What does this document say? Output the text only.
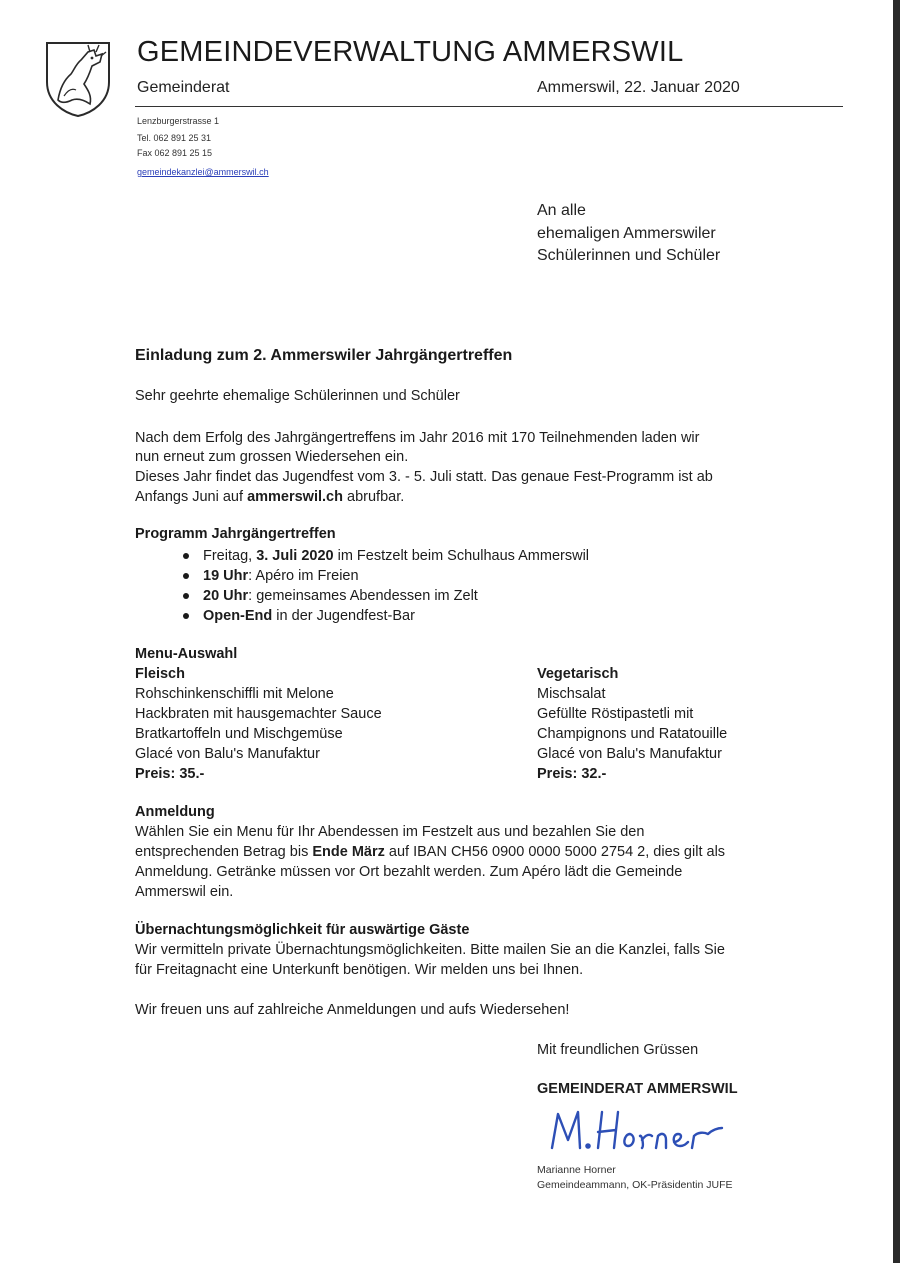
GEMEINDEVERWALTUNG AMMERSWIL
Gemeinderat	Ammerswil, 22. Januar 2020
Lenzburgerstrasse 1
Tel. 062 891 25 31
Fax 062 891 25 15
gemeindekanzlei@ammerswil.ch
An alle
ehemaligen Ammerswiler
Schülerinnen und Schüler
Einladung zum 2. Ammerswiler Jahrgängertreffen
Sehr geehrte ehemalige Schülerinnen und Schüler
Nach dem Erfolg des Jahrgängertreffens im Jahr 2016 mit 170 Teilnehmenden laden wir
nun erneut zum grossen Wiedersehen ein.
Dieses Jahr findet das Jugendfest vom 3. - 5. Juli statt. Das genaue Fest-Programm ist ab
Anfangs Juni auf ammerswil.ch abrufbar.
Programm Jahrgängertreffen
Freitag, 3. Juli 2020 im Festzelt beim Schulhaus Ammerswil
19 Uhr: Apéro im Freien
20 Uhr: gemeinsames Abendessen im Zelt
Open-End in der Jugendfest-Bar
Menu-Auswahl
Fleisch
Rohschinkenschiffli mit Melone
Hackbraten mit hausgemachter Sauce
Bratkartoffeln und Mischgemüse
Glacé von Balu's Manufaktur
Preis: 35.-
Vegetarisch
Mischsalat
Gefüllte Röstipastetli mit
Champignons und Ratatouille
Glacé von Balu's Manufaktur
Preis: 32.-
Anmeldung
Wählen Sie ein Menu für Ihr Abendessen im Festzelt aus und bezahlen Sie den
entsprechenden Betrag bis Ende März auf IBAN CH56 0900 0000 5000 2754 2, dies gilt als
Anmeldung. Getränke müssen vor Ort bezahlt werden. Zum Apéro lädt die Gemeinde
Ammerswil ein.
Übernachtungsmöglichkeit für auswärtige Gäste
Wir vermitteln private Übernachtungsmöglichkeiten. Bitte mailen Sie an die Kanzlei, falls Sie
für Freitagnacht eine Unterkunft benötigen. Wir melden uns bei Ihnen.
Wir freuen uns auf zahlreiche Anmeldungen und aufs Wiedersehen!
Mit freundlichen Grüssen
GEMEINDERAT AMMERSWIL
Marianne Horner
Gemeindeammann, OK-Präsidentin JUFE
